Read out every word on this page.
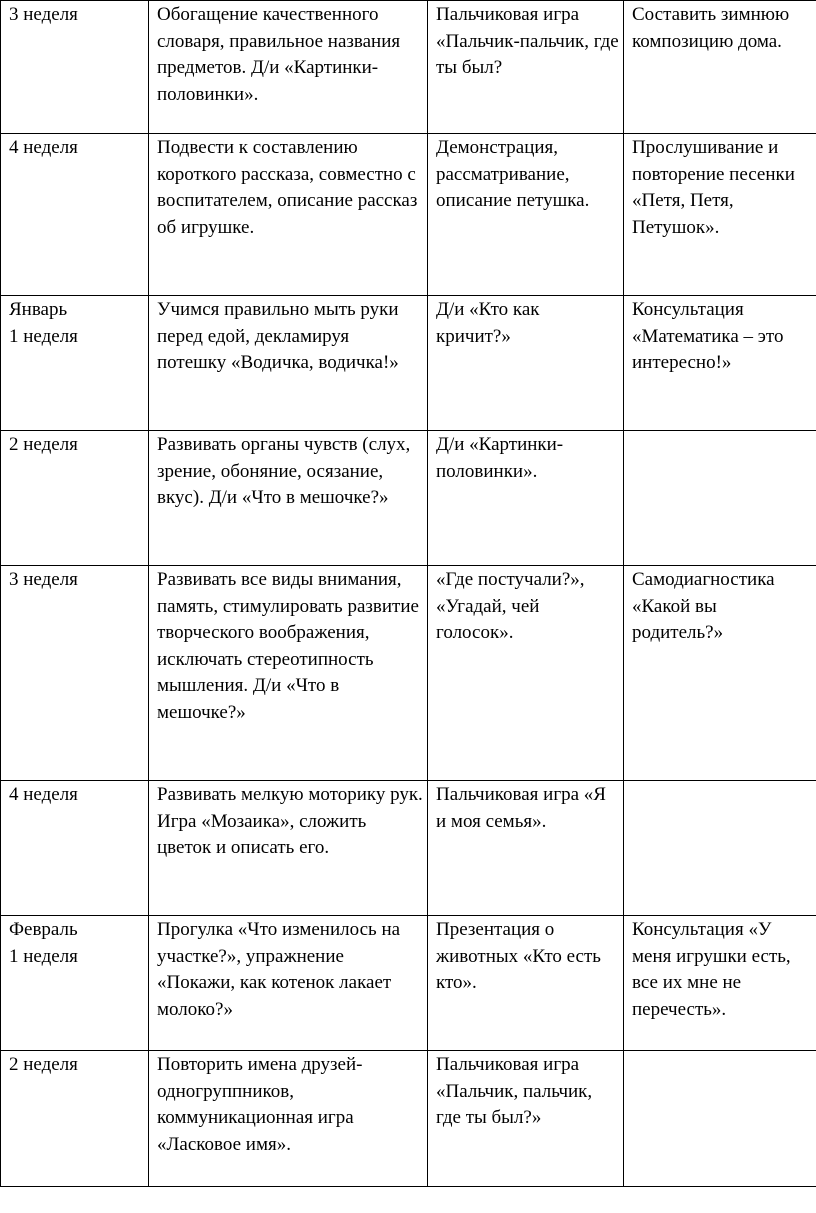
3 неделя	Обогащение качественного словаря, правильное названия предметов. Д/и «Картинки-половинки».	Пальчиковая игра «Пальчик-пальчик, где ты был?	Составить зимнюю композицию дома.
4 неделя	Подвести к составлению короткого рассказа, совместно с воспитателем, описание рассказ об игрушке.	Демонстрация, рассматривание, описание петушка.	Прослушивание и повторение песенки «Петя, Петя, Петушок».
Январь
1 неделя	Учимся правильно мыть руки перед едой, декламируя потешку «Водичка, водичка!»	Д/и «Кто как кричит?»	Консультация «Математика – это интересно!»
2 неделя	Развивать органы чувств (слух, зрение, обоняние, осязание, вкус). Д/и «Что в мешочке?»	Д/и «Картинки-половинки».	
3 неделя	Развивать все виды внимания, память, стимулировать развитие творческого воображения, исключать стереотипность мышления. Д/и «Что в мешочке?»	«Где постучали?», «Угадай, чей голосок».	Самодиагностика «Какой вы родитель?»
4 неделя	Развивать мелкую моторику рук. Игра «Мозаика», сложить цветок и описать его.	Пальчиковая игра «Я и моя семья».	
Февраль
1 неделя	Прогулка «Что изменилось на участке?», упражнение «Покажи, как котенок лакает молоко?»	Презентация о животных «Кто есть кто».	Консультация «У меня игрушки есть, все их мне не перечесть».
2 неделя	Повторить имена друзей-одногруппников, коммуникационная игра «Ласковое имя».	Пальчиковая игра «Пальчик, пальчик, где ты был?»	
